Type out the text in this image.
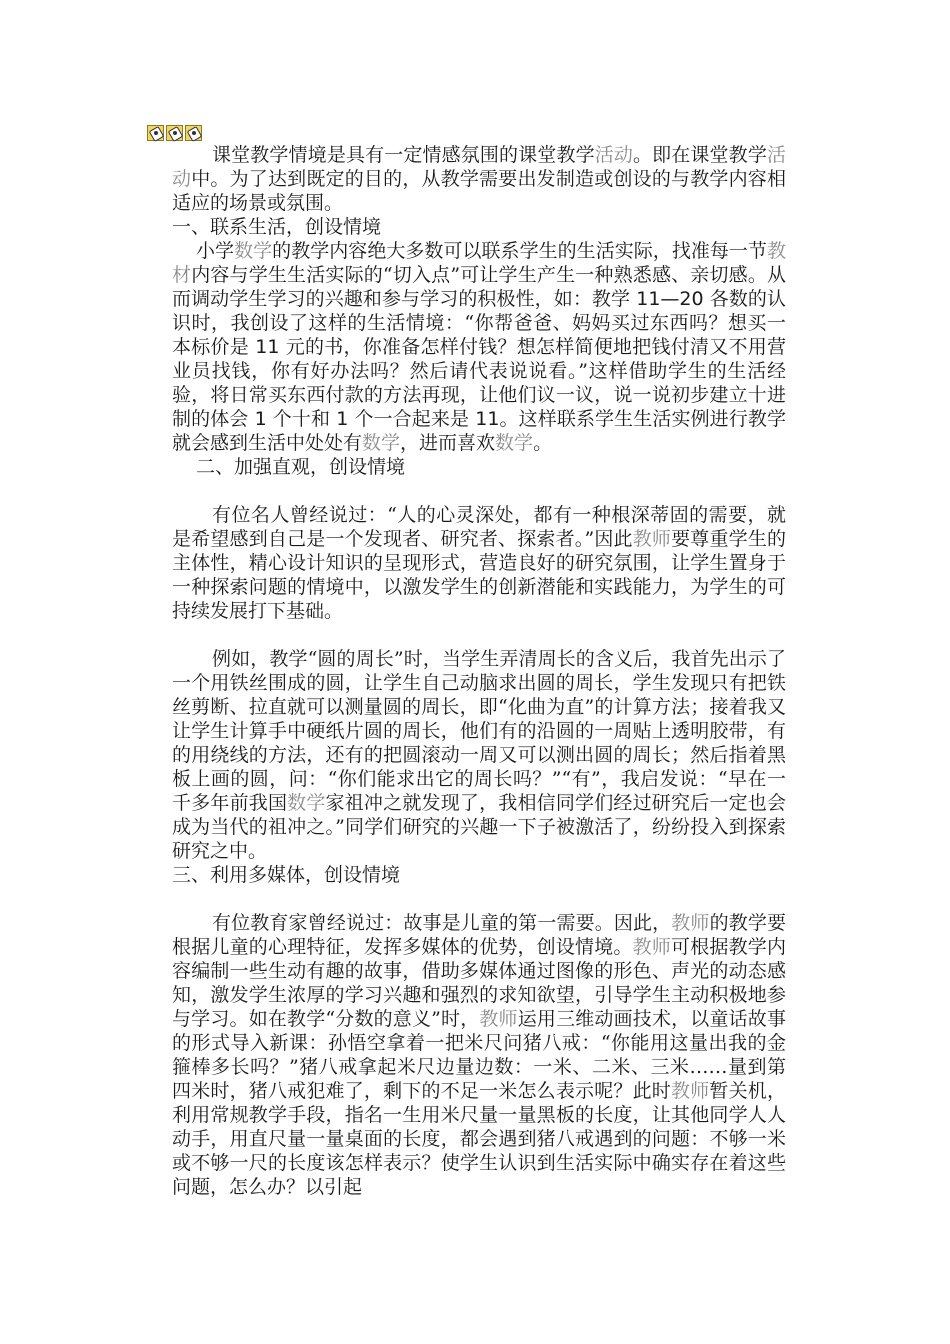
课堂教学情境是具有一定情感氛围的课堂教学活动。即在课堂教学活动中。为了达到既定的目的，从教学需要出发制造或创设的与教学内容相适应的场景或氛围。

一、联系生活，创设情境

小学数学的教学内容绝大多数可以联系学生的生活实际，找准每一节教材内容与学生生活实际的“切入点”可让学生产生一种熟悉感、亲切感。从而调动学生学习的兴趣和参与学习的积极性，如：教学 11—20 各数的认识时，我创设了这样的生活情境：“你帮爸爸、妈妈买过东西吗？想买一本标价是 11 元的书，你准备怎样付钱？想怎样简便地把钱付清又不用营业员找钱，你有好办法吗？然后请代表说说看。”这样借助学生的生活经验，将日常买东西付款的方法再现，让他们议一议，说一说初步建立十进制的体会 1 个十和 1 个一合起来是 11。这样联系学生生活实例进行教学就会感到生活中处处有数学，进而喜欢数学。

二、加强直观，创设情境

有位名人曾经说过：“人的心灵深处，都有一种根深蒂固的需要，就是希望感到自己是一个发现者、研究者、探索者。”因此教师要尊重学生的主体性，精心设计知识的呈现形式，营造良好的研究氛围，让学生置身于一种探索问题的情境中，以激发学生的创新潜能和实践能力，为学生的可持续发展打下基础。

例如，教学“圆的周长”时，当学生弄清周长的含义后，我首先出示了一个用铁丝围成的圆，让学生自己动脑求出圆的周长，学生发现只有把铁丝剪断、拉直就可以测量圆的周长，即“化曲为直”的计算方法；接着我又让学生计算手中硬纸片圆的周长，他们有的沿圆的一周贴上透明胶带，有的用绕线的方法，还有的把圆滚动一周又可以测出圆的周长；然后指着黑板上画的圆，问：“你们能求出它的周长吗？”“有”，我启发说：“早在一千多年前我国数学家祖冲之就发现了，我相信同学们经过研究后一定也会成为当代的祖冲之。”同学们研究的兴趣一下子被激活了，纷纷投入到探索研究之中。

三、利用多媒体，创设情境

有位教育家曾经说过：故事是儿童的第一需要。因此，教师的教学要根据儿童的心理特征，发挥多媒体的优势，创设情境。教师可根据教学内容编制一些生动有趣的故事，借助多媒体通过图像的形色、声光的动态感知，激发学生浓厚的学习兴趣和强烈的求知欲望，引导学生主动积极地参与学习。如在教学“分数的意义”时，教师运用三维动画技术，以童话故事的形式导入新课：孙悟空拿着一把米尺问猪八戒：“你能用这量出我的金箍棒多长吗？”猪八戒拿起米尺边量边数：一米、二米、三米……量到第四米时，猪八戒犯难了，剩下的不足一米怎么表示呢？此时教师暂关机，利用常规教学手段，指名一生用米尺量一量黑板的长度，让其他同学人人动手，用直尺量一量桌面的长度，都会遇到猪八戒遇到的问题：不够一米或不够一尺的长度该怎样表示？使学生认识到生活实际中确实存在着这些问题，怎么办？以引起
